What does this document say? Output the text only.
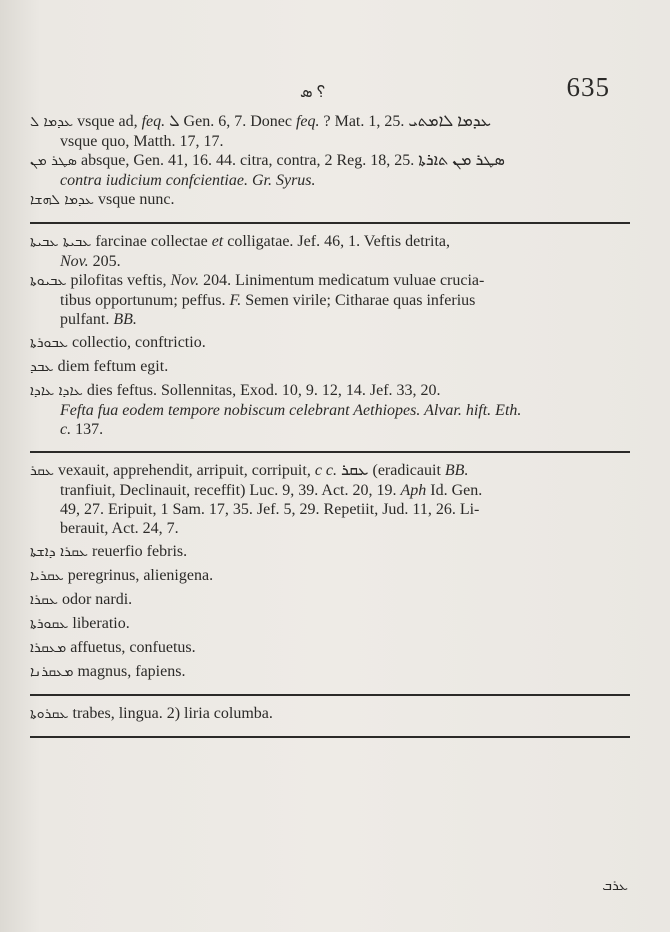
؟ ܣ	635

ܥܕܡܐ ܠ vsque ad, feq. ܠ Gen. 6, 7. Donec feq. ? Mat. 1, 25. ܥܕܡܐ ܠܐܡܬܝ
vsque quo, Matth. 17, 17.

ܣܛܪ ܡܢ absque, Gen. 41, 16. 44. citra, contra, 2 Reg. 18, 25. ܣܛܪ ܡܢ ܬܐܪܬܐ
contra iudicium confcientiae. Gr. Syrus.

ܥܕܡܐ ܠܗܫܐ vsque nunc.

ܥܒܝܬܐ ܥܒܝܬܐ farcinae collectae et colligatae. Jef. 46, 1. Veftis detrita,
Nov. 205.

ܥܒܝܘܬܐ pilofitas veftis, Nov. 204. Linimentum medicatum vuluae crucia-
tibus opportunum; peffus. F. Semen virile; Citharae quas inferius
pulfant. BB.

ܥܒܘܪܬܐ collectio, conftrictio.

ܥܒܕ diem feftum egit.

ܥܐܕܐ ܥܐܕܐ dies feftus. Sollennitas, Exod. 10, 9. 12, 14. Jef. 33, 20.
Fefta fua eodem tempore nobiscum celebrant Aethiopes. Alvar. hift. Eth.
c. 137.

ܥܩܪ vexauit, apprehendit, arripuit, corripuit, c c. ܥܩܪ (eradicauit BB.
tranfiuit, Declinauit, receffit) Luc. 9, 39. Act. 20, 19. Aph Id. Gen.
49, 27. Eripuit, 1 Sam. 17, 35. Jef. 5, 29. Repetiit, Jud. 11, 26. Li-
berauit, Act. 24, 7.

ܥܩܪܐ ܕܐܫܬܐ reuerfio febris.

ܥܩܪܝܐ peregrinus, alienigena.

ܥܩܪܐ odor nardi.

ܥܩܘܪܬܐ liberatio.

ܡܥܩܪܐ affuetus, confuetus.

ܡܥܩܪܢܐ magnus, fapiens.

ܥܩܪܘܬܐ trabes, lingua. 2) liria columba.

ܥܪܒ
